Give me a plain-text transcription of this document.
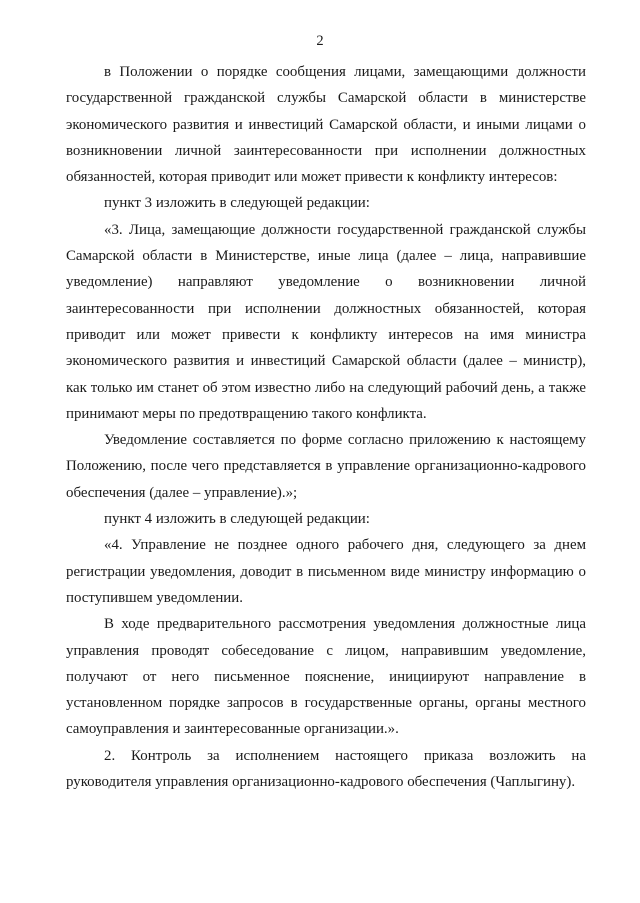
2

в Положении о порядке сообщения лицами, замещающими должности государственной гражданской службы Самарской области в министерстве экономического развития и инвестиций Самарской области, и иными лицами о возникновении личной заинтересованности при исполнении должностных обязанностей, которая приводит или может привести к конфликту интересов:

пункт 3 изложить в следующей редакции:

«3. Лица, замещающие должности государственной гражданской службы Самарской области в Министерстве, иные лица (далее – лица, направившие уведомление) направляют уведомление о возникновении личной заинтересованности при исполнении должностных обязанностей, которая приводит или может привести к конфликту интересов на имя министра экономического развития и инвестиций Самарской области (далее – министр), как только им станет об этом известно либо на следующий рабочий день, а также принимают меры по предотвращению такого конфликта.

Уведомление составляется по форме согласно приложению к настоящему Положению, после чего представляется в управление организационно-кадрового обеспечения (далее – управление).»;

пункт 4 изложить в следующей редакции:

«4. Управление не позднее одного рабочего дня, следующего за днем регистрации уведомления, доводит в письменном виде министру информацию о поступившем уведомлении.

В ходе предварительного рассмотрения уведомления должностные лица управления проводят собеседование с лицом, направившим уведомление, получают от него письменное пояснение, инициируют направление в установленном порядке запросов в государственные органы, органы местного самоуправления и заинтересованные организации.».

2. Контроль за исполнением настоящего приказа возложить на руководителя управления организационно-кадрового обеспечения (Чаплыгину).
